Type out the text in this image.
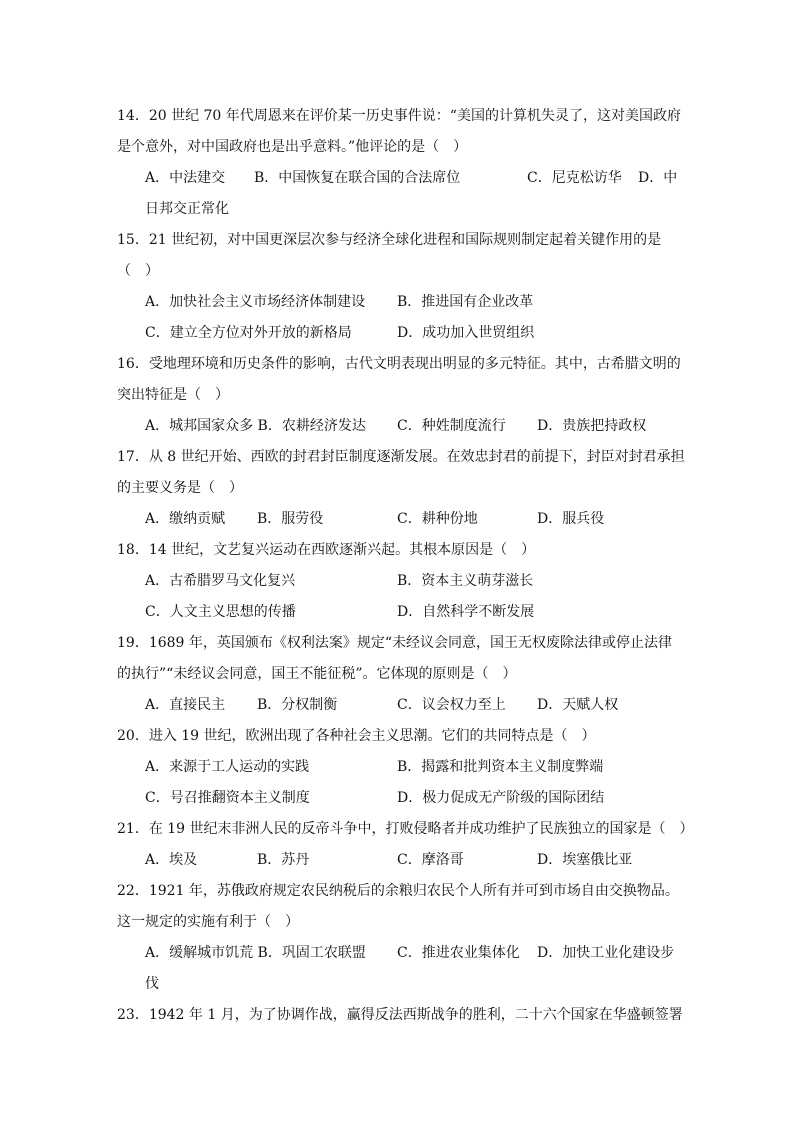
14．20 世纪 70 年代周恩来在评价某一历史事件说：“美国的计算机失灵了，这对美国政府
是个意外，对中国政府也是出乎意料。”他评论的是（　）
A．中法建交 B．中国恢复在联合国的合法席位	C．尼克松访华 D．中
日邦交正常化
15．21 世纪初，对中国更深层次参与经济全球化进程和国际规则制定起着关键作用的是
（　）
A．加快社会主义市场经济体制建设 B．推进国有企业改革
C．建立全方位对外开放的新格局	D．成功加入世贸组织
16．受地理环境和历史条件的影响，古代文明表现出明显的多元特征。其中，古希腊文明的
突出特征是（　）
A．城邦国家众多 B．农耕经济发达 C．种姓制度流行 D．贵族把持政权
17．从 8 世纪开始、西欧的封君封臣制度逐渐发展。在效忠封君的前提下，封臣对封君承担
的主要义务是（　）
A．缴纳贡赋 B．服劳役	C．耕种份地	D．服兵役
18．14 世纪，文艺复兴运动在西欧逐渐兴起。其根本原因是（　）
A．古希腊罗马文化复兴	B．资本主义萌芽滋长
C．人文主义思想的传播	D．自然科学不断发展
19．1689 年，英国颁布《权利法案》规定“未经议会同意，国王无权废除法律或停止法律
的执行”“未经议会同意，国王不能征税”。它体现的原则是（　）
A．直接民主 B．分权制衡	C．议会权力至上 D．天赋人权
20．进入 19 世纪，欧洲出现了各种社会主义思潮。它们的共同特点是（　）
A．来源于工人运动的实践	B．揭露和批判资本主义制度弊端
C．号召推翻资本主义制度	D．极力促成无产阶级的国际团结
21．在 19 世纪末非洲人民的反帝斗争中，打败侵略者并成功维护了民族独立的国家是（　）
A．埃及	B．苏丹	C．摩洛哥	D．埃塞俄比亚
22．1921 年，苏俄政府规定农民纳税后的余粮归农民个人所有并可到市场自由交换物品。
这一规定的实施有利于（　）
A．缓解城市饥荒 B．巩固工农联盟 C．推进农业集体化 D．加快工业化建设步
伐
23．1942 年 1 月，为了协调作战，赢得反法西斯战争的胜利，二十六个国家在华盛顿签署
